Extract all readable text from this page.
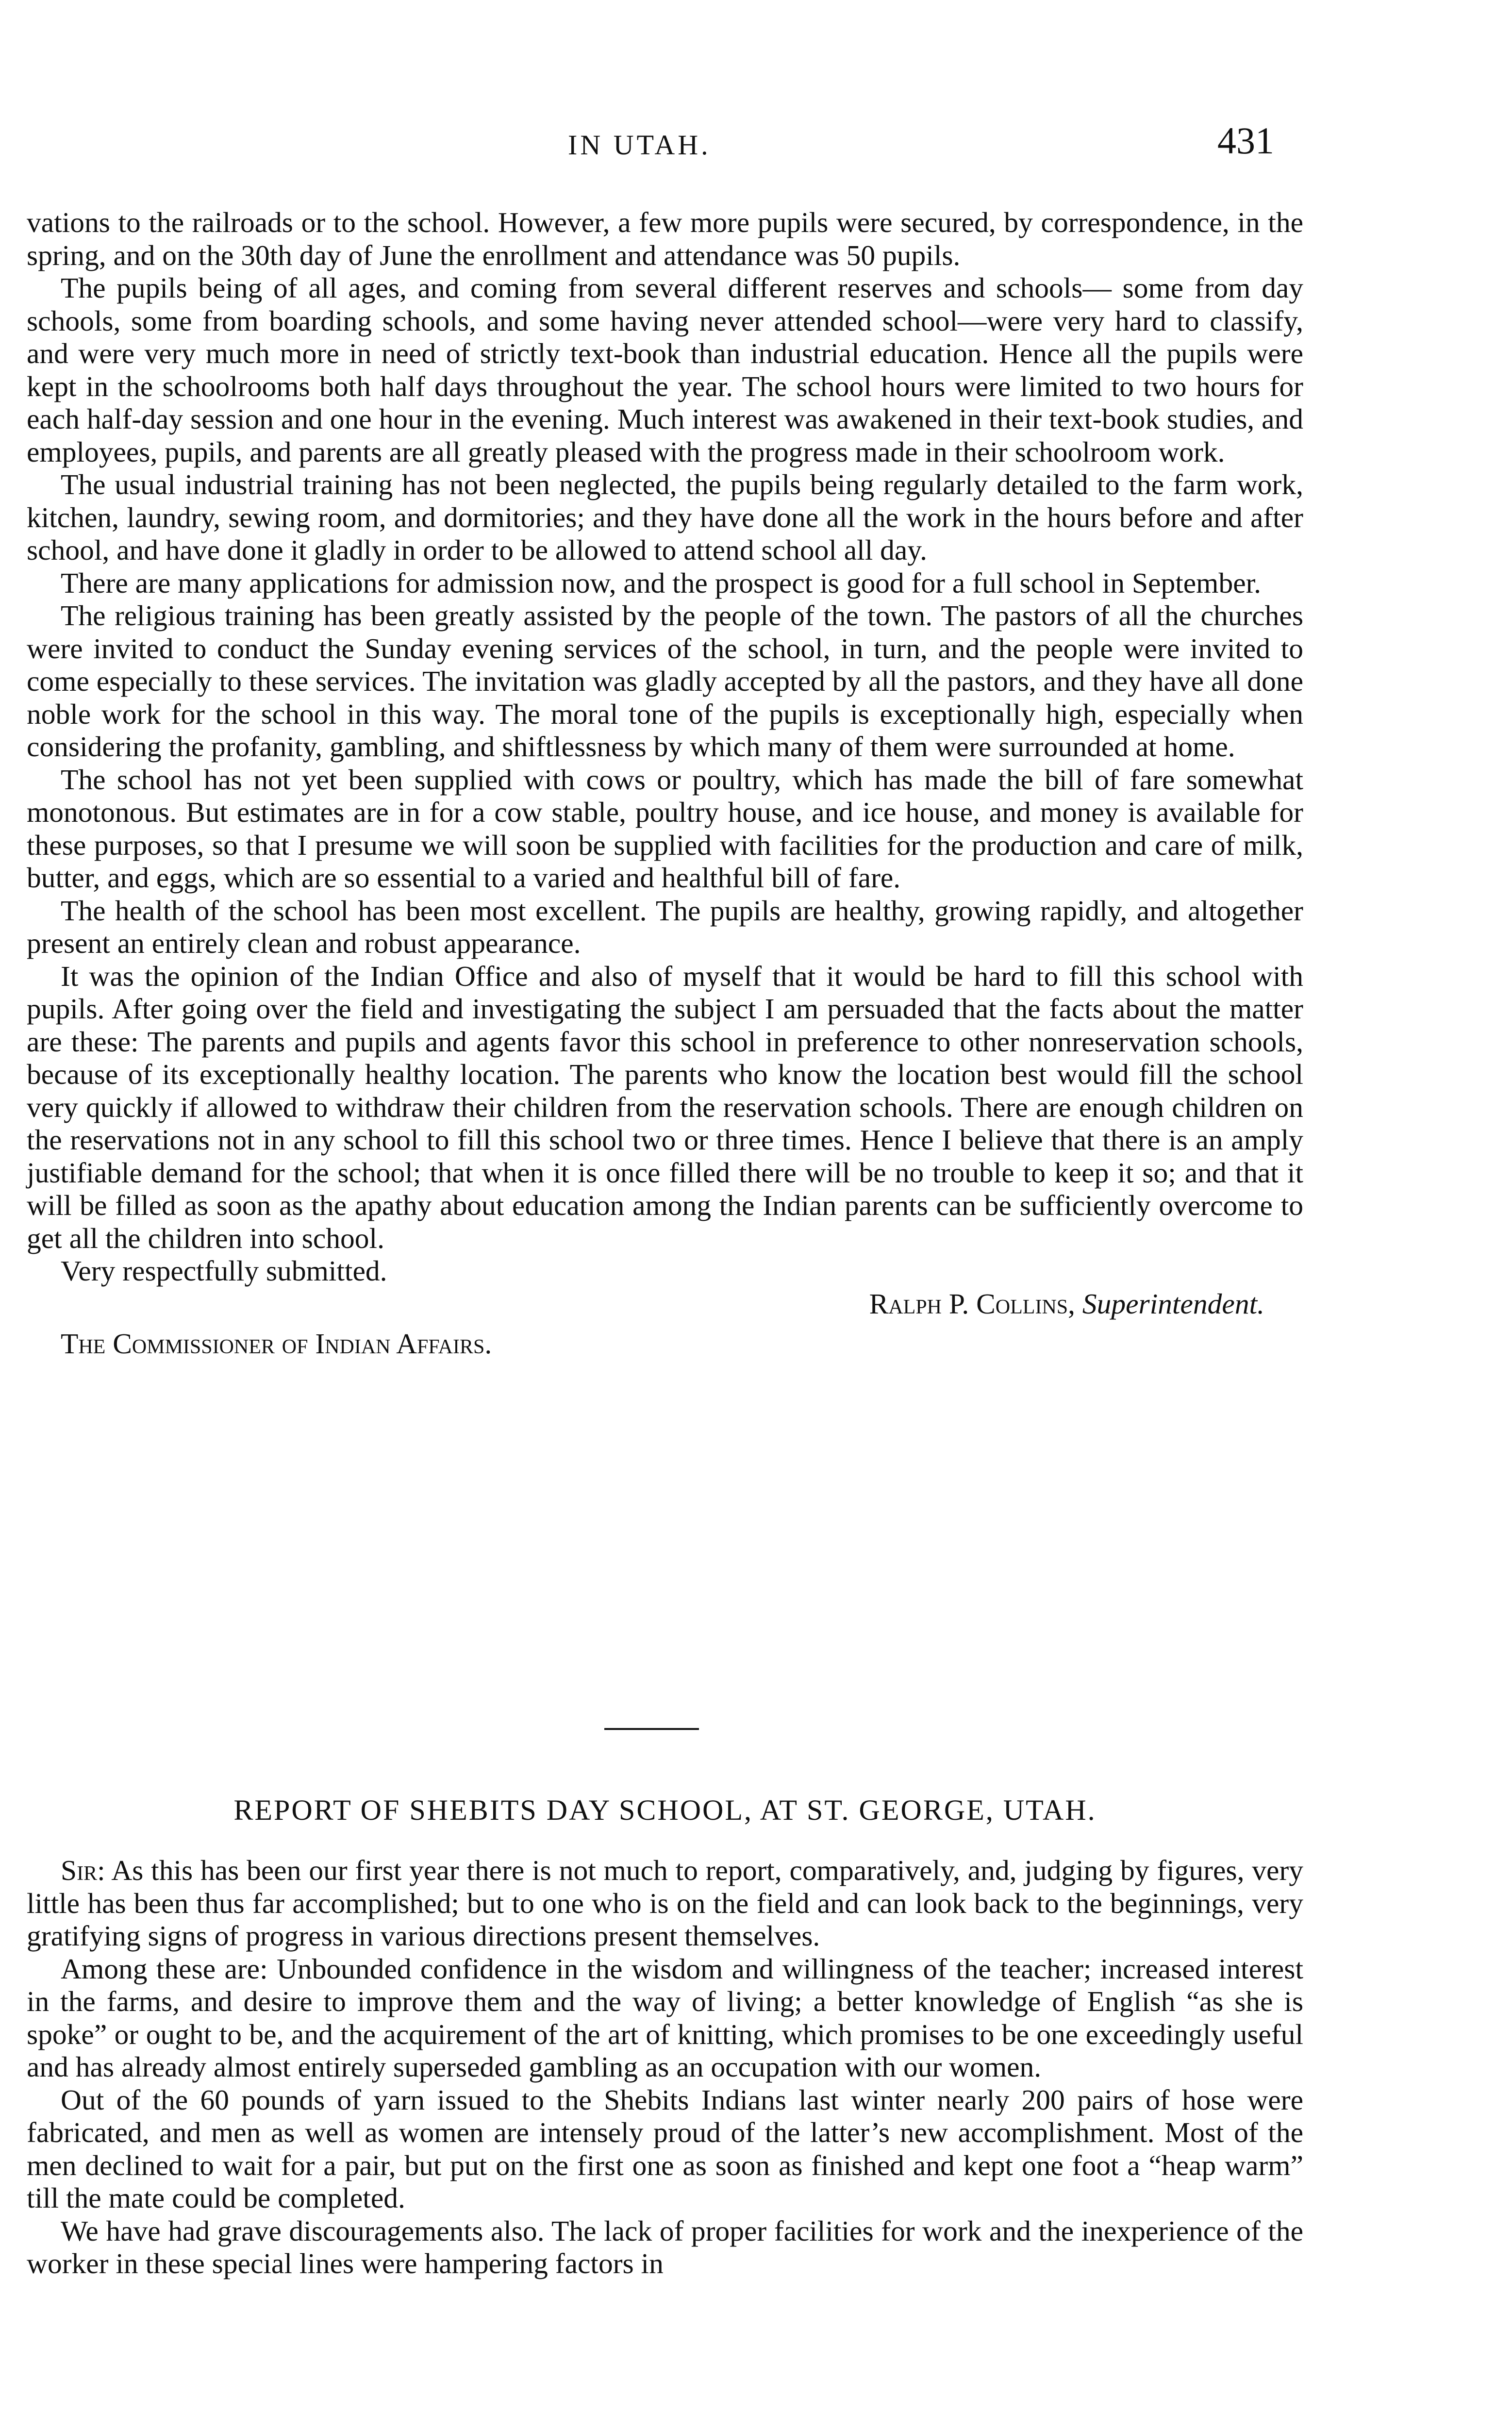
IN UTAH.	431

vations to the railroads or to the school. However, a few more pupils were secured, by correspondence, in the spring, and on the 30th day of June the enrollment and attendance was 50 pupils.

The pupils being of all ages, and coming from several different reserves and schools— some from day schools, some from boarding schools, and some having never attended school—were very hard to classify, and were very much more in need of strictly text-book than industrial education. Hence all the pupils were kept in the schoolrooms both half days throughout the year. The school hours were limited to two hours for each half-day session and one hour in the evening. Much interest was awakened in their text-book studies, and employees, pupils, and parents are all greatly pleased with the progress made in their schoolroom work.

The usual industrial training has not been neglected, the pupils being regularly detailed to the farm work, kitchen, laundry, sewing room, and dormitories; and they have done all the work in the hours before and after school, and have done it gladly in order to be allowed to attend school all day.

There are many applications for admission now, and the prospect is good for a full school in September.

The religious training has been greatly assisted by the people of the town. The pastors of all the churches were invited to conduct the Sunday evening services of the school, in turn, and the people were invited to come especially to these services. The invitation was gladly accepted by all the pastors, and they have all done noble work for the school in this way. The moral tone of the pupils is exceptionally high, especially when considering the profanity, gambling, and shiftlessness by which many of them were surrounded at home.

The school has not yet been supplied with cows or poultry, which has made the bill of fare somewhat monotonous. But estimates are in for a cow stable, poultry house, and ice house, and money is available for these purposes, so that I presume we will soon be supplied with facilities for the production and care of milk, butter, and eggs, which are so essential to a varied and healthful bill of fare.

The health of the school has been most excellent. The pupils are healthy, growing rapidly, and altogether present an entirely clean and robust appearance.

It was the opinion of the Indian Office and also of myself that it would be hard to fill this school with pupils. After going over the field and investigating the subject I am persuaded that the facts about the matter are these: The parents and pupils and agents favor this school in preference to other nonreservation schools, because of its exceptionally healthy location. The parents who know the location best would fill the school very quickly if allowed to withdraw their children from the reservation schools. There are enough children on the reservations not in any school to fill this school two or three times. Hence I believe that there is an amply justifiable demand for the school; that when it is once filled there will be no trouble to keep it so; and that it will be filled as soon as the apathy about education among the Indian parents can be sufficiently overcome to get all the children into school.

Very respectfully submitted.

Ralph P. Collins, Superintendent.

The Commissioner of Indian Affairs.

REPORT OF SHEBITS DAY SCHOOL, AT ST. GEORGE, UTAH.

Sir: As this has been our first year there is not much to report, comparatively, and, judging by figures, very little has been thus far accomplished; but to one who is on the field and can look back to the beginnings, very gratifying signs of progress in various directions present themselves.

Among these are: Unbounded confidence in the wisdom and willingness of the teacher; increased interest in the farms, and desire to improve them and the way of living; a better knowledge of English “as she is spoke” or ought to be, and the acquirement of the art of knitting, which promises to be one exceedingly useful and has already almost entirely superseded gambling as an occupation with our women.

Out of the 60 pounds of yarn issued to the Shebits Indians last winter nearly 200 pairs of hose were fabricated, and men as well as women are intensely proud of the latter’s new accomplishment. Most of the men declined to wait for a pair, but put on the first one as soon as finished and kept one foot a “heap warm” till the mate could be completed.

We have had grave discouragements also. The lack of proper facilities for work and the inexperience of the worker in these special lines were hampering factors in
